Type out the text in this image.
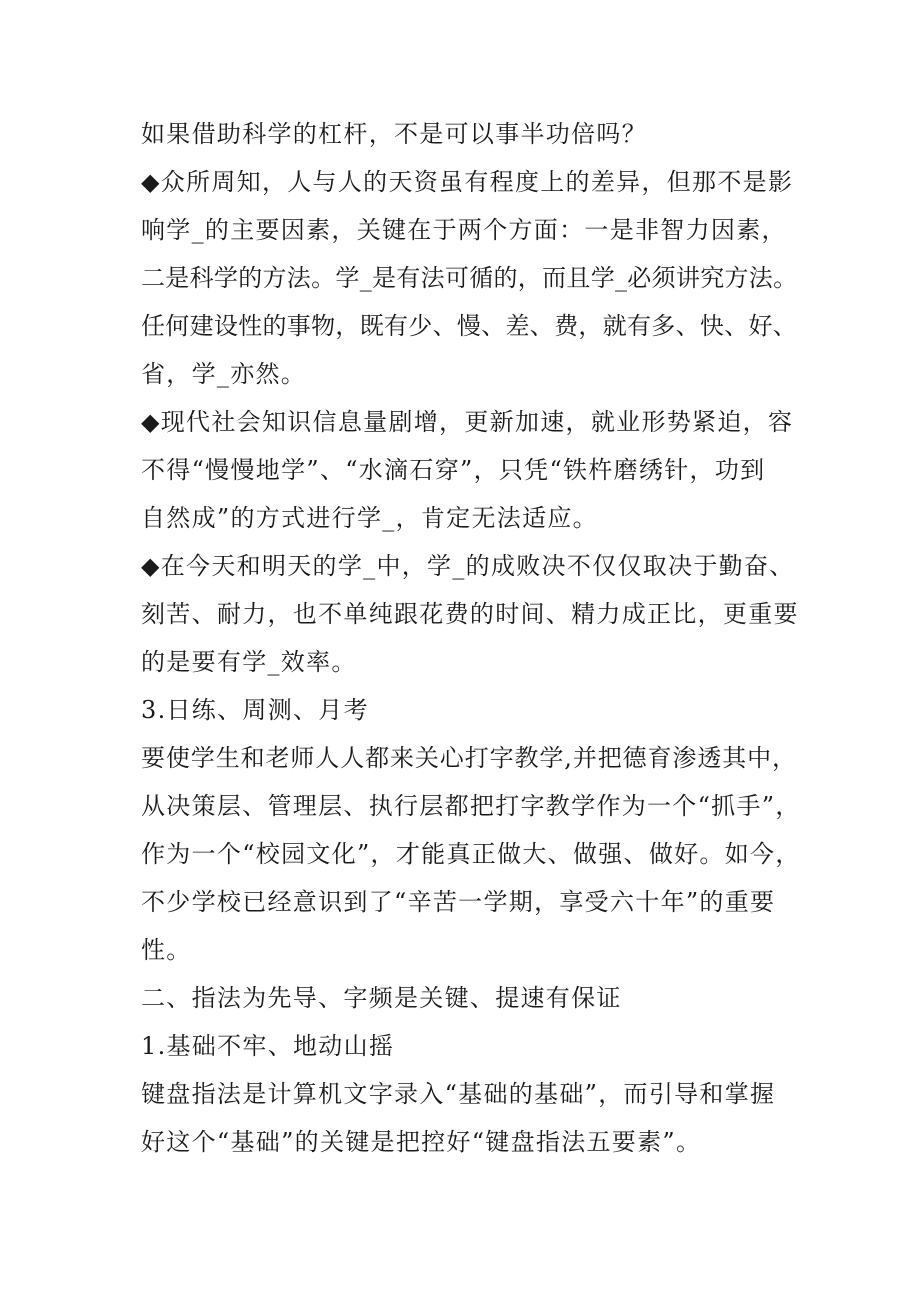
如果借助科学的杠杆，不是可以事半功倍吗？
◆众所周知，人与人的天资虽有程度上的差异，但那不是影
响学_的主要因素，关键在于两个方面：一是非智力因素，
二是科学的方法。学_是有法可循的，而且学_必须讲究方法。
任何建设性的事物，既有少、慢、差、费，就有多、快、好、
省，学_亦然。
◆现代社会知识信息量剧增，更新加速，就业形势紧迫，容
不得“慢慢地学”、“水滴石穿”，只凭“铁杵磨绣针，功到
自然成”的方式进行学_，肯定无法适应。
◆在今天和明天的学_中，学_的成败决不仅仅取决于勤奋、
刻苦、耐力，也不单纯跟花费的时间、精力成正比，更重要
的是要有学_效率。
3.日练、周测、月考
要使学生和老师人人都来关心打字教学,并把德育渗透其中，
从决策层、管理层、执行层都把打字教学作为一个“抓手”，
作为一个“校园文化”，才能真正做大、做强、做好。如今，
不少学校已经意识到了“辛苦一学期，享受六十年”的重要
性。
二、指法为先导、字频是关键、提速有保证
1.基础不牢、地动山摇
键盘指法是计算机文字录入“基础的基础”，而引导和掌握
好这个“基础”的关键是把控好“键盘指法五要素”。
